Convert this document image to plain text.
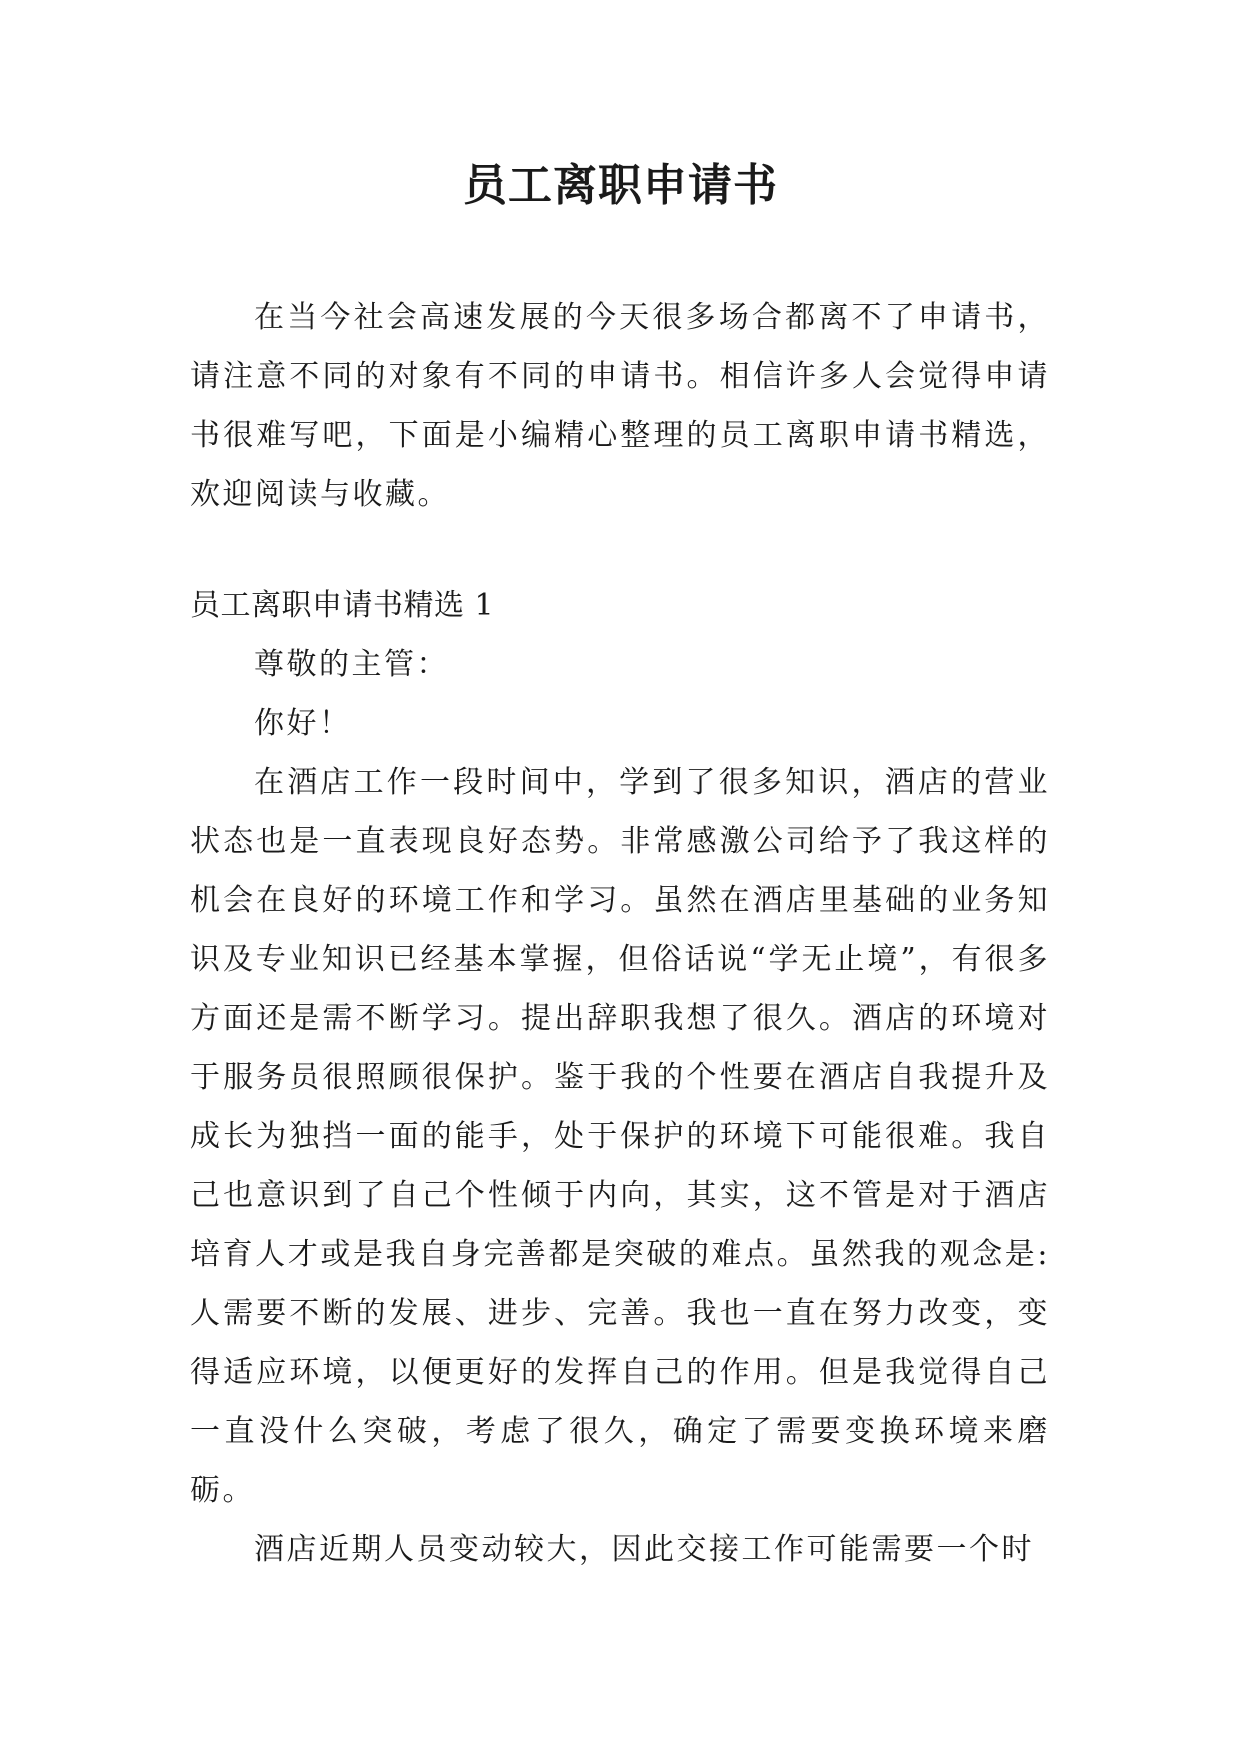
员工离职申请书

在当今社会高速发展的今天很多场合都离不了申请书，请注意不同的对象有不同的申请书。相信许多人会觉得申请书很难写吧，下面是小编精心整理的员工离职申请书精选，欢迎阅读与收藏。

员工离职申请书精选 1

尊敬的主管：

你好！

在酒店工作一段时间中，学到了很多知识，酒店的营业状态也是一直表现良好态势。非常感激公司给予了我这样的机会在良好的环境工作和学习。虽然在酒店里基础的业务知识及专业知识已经基本掌握，但俗话说“学无止境”，有很多方面还是需不断学习。提出辞职我想了很久。酒店的环境对于服务员很照顾很保护。鉴于我的个性要在酒店自我提升及成长为独挡一面的能手，处于保护的环境下可能很难。我自己也意识到了自己个性倾于内向，其实，这不管是对于酒店培育人才或是我自身完善都是突破的难点。虽然我的观念是: 人需要不断的发展、进步、完善。我也一直在努力改变，变得适应环境，以便更好的发挥自己的作用。但是我觉得自己一直没什么突破，考虑了很久，确定了需要变换环境来磨砺。

酒店近期人员变动较大，因此交接工作可能需要一个时
